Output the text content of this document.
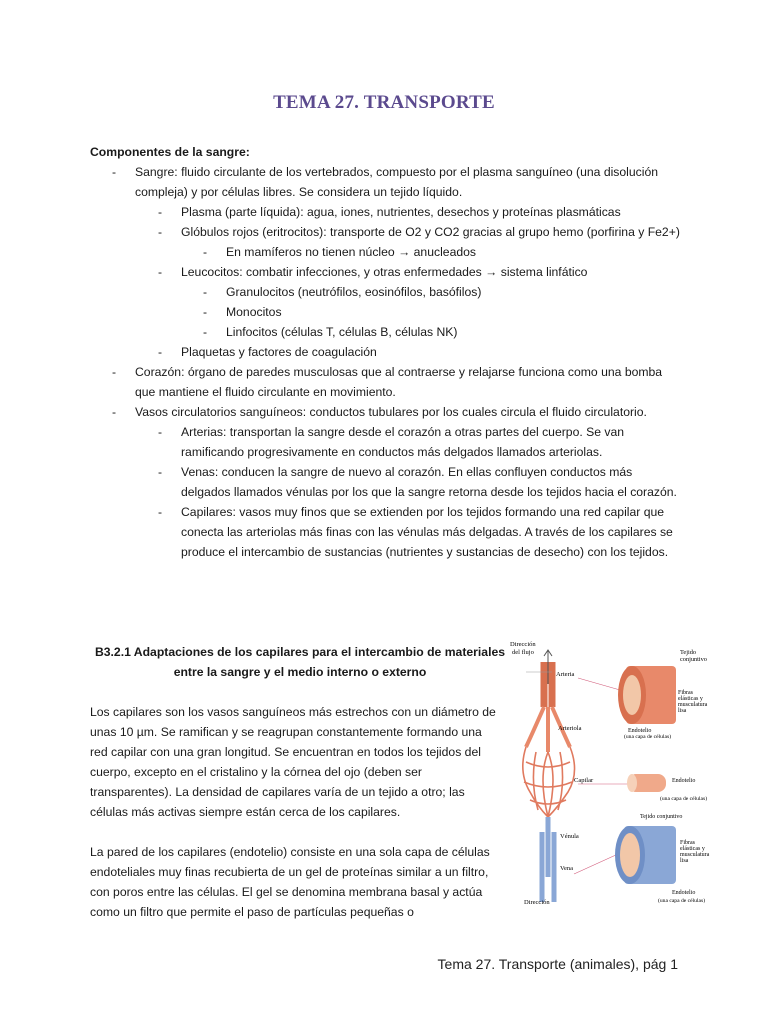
TEMA 27. TRANSPORTE
Componentes de la sangre:
- Sangre: fluido circulante de los vertebrados, compuesto por el plasma sanguíneo (una disolución compleja) y por células libres. Se considera un tejido líquido.
- Plasma (parte líquida): agua, iones, nutrientes, desechos y proteínas plasmáticas
- Glóbulos rojos (eritrocitos): transporte de O2 y CO2 gracias al grupo hemo (porfirina y Fe2+)
- En mamíferos no tienen núcleo → anucleados
- Leucocitos: combatir infecciones, y otras enfermedades → sistema linfático
- Granulocitos (neutrófilos, eosinófilos, basófilos)
- Monocitos
- Linfocitos (células T, células B, células NK)
- Plaquetas y factores de coagulación
- Corazón: órgano de paredes musculosas que al contraerse y relajarse funciona como una bomba que mantiene el fluido circulante en movimiento.
- Vasos circulatorios sanguíneos: conductos tubulares por los cuales circula el fluido circulatorio.
- Arterias: transportan la sangre desde el corazón a otras partes del cuerpo. Se van ramificando progresivamente en conductos más delgados llamados arteriolas.
- Venas: conducen la sangre de nuevo al corazón. En ellas confluyen conductos más delgados llamados vénulas por los que la sangre retorna desde los tejidos hacia el corazón.
- Capilares: vasos muy finos que se extienden por los tejidos formando una red capilar que conecta las arteriolas más finas con las vénulas más delgadas. A través de los capilares se produce el intercambio de sustancias (nutrientes y sustancias de desecho) con los tejidos.
B3.2.1 Adaptaciones de los capilares para el intercambio de materiales entre la sangre y el medio interno o externo
Los capilares son los vasos sanguíneos más estrechos con un diámetro de unas 10 µm. Se ramifican y se reagrupan constantemente formando una red capilar con una gran longitud. Se encuentran en todos los tejidos del cuerpo, excepto en el cristalino y la córnea del ojo (deben ser transparentes). La densidad de capilares varía de un tejido a otro; las células más activas siempre están cerca de los capilares.
La pared de los capilares (endotelio) consiste en una sola capa de células endoteliales muy finas recubierta de un gel de proteínas similar a un filtro, con poros entre las células. El gel se denomina membrana basal y actúa como un filtro que permite el paso de partículas pequeñas o
Dirección
del flujo
Arteria
Arteriola
Capilar
Vénula
Vena
Dirección
Tejido
conjuntivo
Fibras
elásticas y
musculatura
lisa
Endotelio
(una capa de células)
Endotelio
(una capa de células)
Tejido conjuntivo
Fibras
elásticas y
musculatura
lisa
Endotelio
(una capa de células)
Tema 27. Transporte (animales), pág 1
